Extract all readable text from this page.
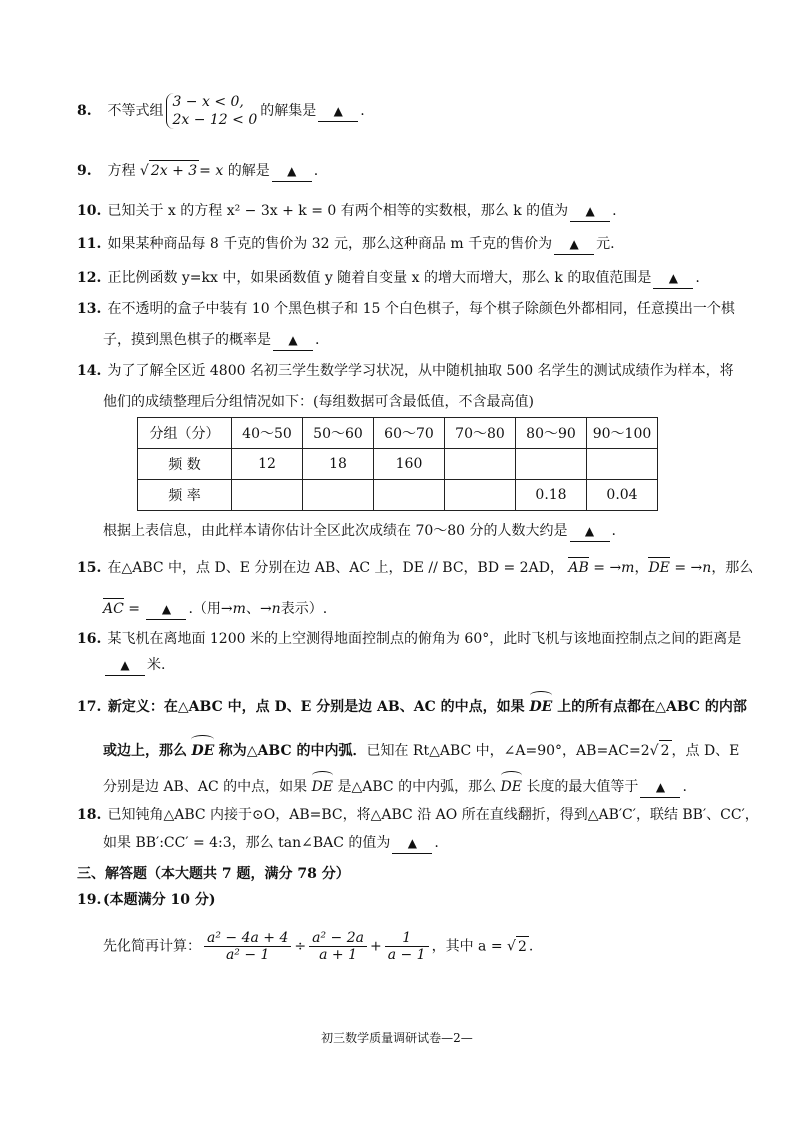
8. 不等式组
3 − x < 0,
2x − 12 < 0
的解集是 ▲ .
9. 方程 √ 2x + 3 = x 的解是 ▲ .
10. 已知关于 x 的方程 x² − 3x + k = 0 有两个相等的实数根，那么 k 的值为 ▲ .
11. 如果某种商品每 8 千克的售价为 32 元，那么这种商品 m 千克的售价为 ▲ 元.
12. 正比例函数 y=kx 中，如果函数值 y 随着自变量 x 的增大而增大，那么 k 的取值范围是 ▲ .
13. 在不透明的盒子中装有 10 个黑色棋子和 15 个白色棋子，每个棋子除颜色外都相同，任意摸出一个棋
子，摸到黑色棋子的概率是 ▲ .
14. 为了了解全区近 4800 名初三学生数学学习状况，从中随机抽取 500 名学生的测试成绩作为样本，将
他们的成绩整理后分组情况如下：(每组数据可含最低值，不含最高值)
分组（分）	40～50	50～60	60～70	70～80	80～90	90～100
频 数	12	18	160			
频 率					0.18	0.04
根据上表信息，由此样本请你估计全区此次成绩在 70～80 分的人数大约是 ▲ .
15. 在△ABC 中，点 D、E 分别在边 AB、AC 上，DE // BC，BD = 2AD， AB = →m，DE = →n，那么
AC = ▲ .（用→m、→n表示）.
16. 某飞机在离地面 1200 米的上空测得地面控制点的俯角为 60°，此时飞机与该地面控制点之间的距离是
▲ 米.
17. 新定义：在△ABC 中，点 D、E 分别是边 AB、AC 的中点，如果 DE 上的所有点都在△ABC 的内部
或边上，那么 DE 称为△ABC 的中内弧．已知在 Rt△ABC 中，∠A=90°，AB=AC=2√ 2 ，点 D、E
分别是边 AB、AC 的中点，如果 DE 是△ABC 的中内弧，那么 DE 长度的最大值等于 ▲ .
18. 已知钝角△ABC 内接于⊙O，AB=BC，将△ABC 沿 AO 所在直线翻折，得到△AB′C′，联结 BB′、CC′，
如果 BB′:CC′ = 4:3，那么 tan∠BAC 的值为 ▲ .
三、解答题（本大题共 7 题，满分 78 分）
19. (本题满分 10 分)
先化简再计算： $\frac{\text{a² − 4a + 4}}{\text{a² − 1}} \div \frac{\text{a² − 2a}}{a + 1} + \frac{1}{a - 1}$ ，其中 a = √ 2 .
初三数学质量调研试卷—2—
